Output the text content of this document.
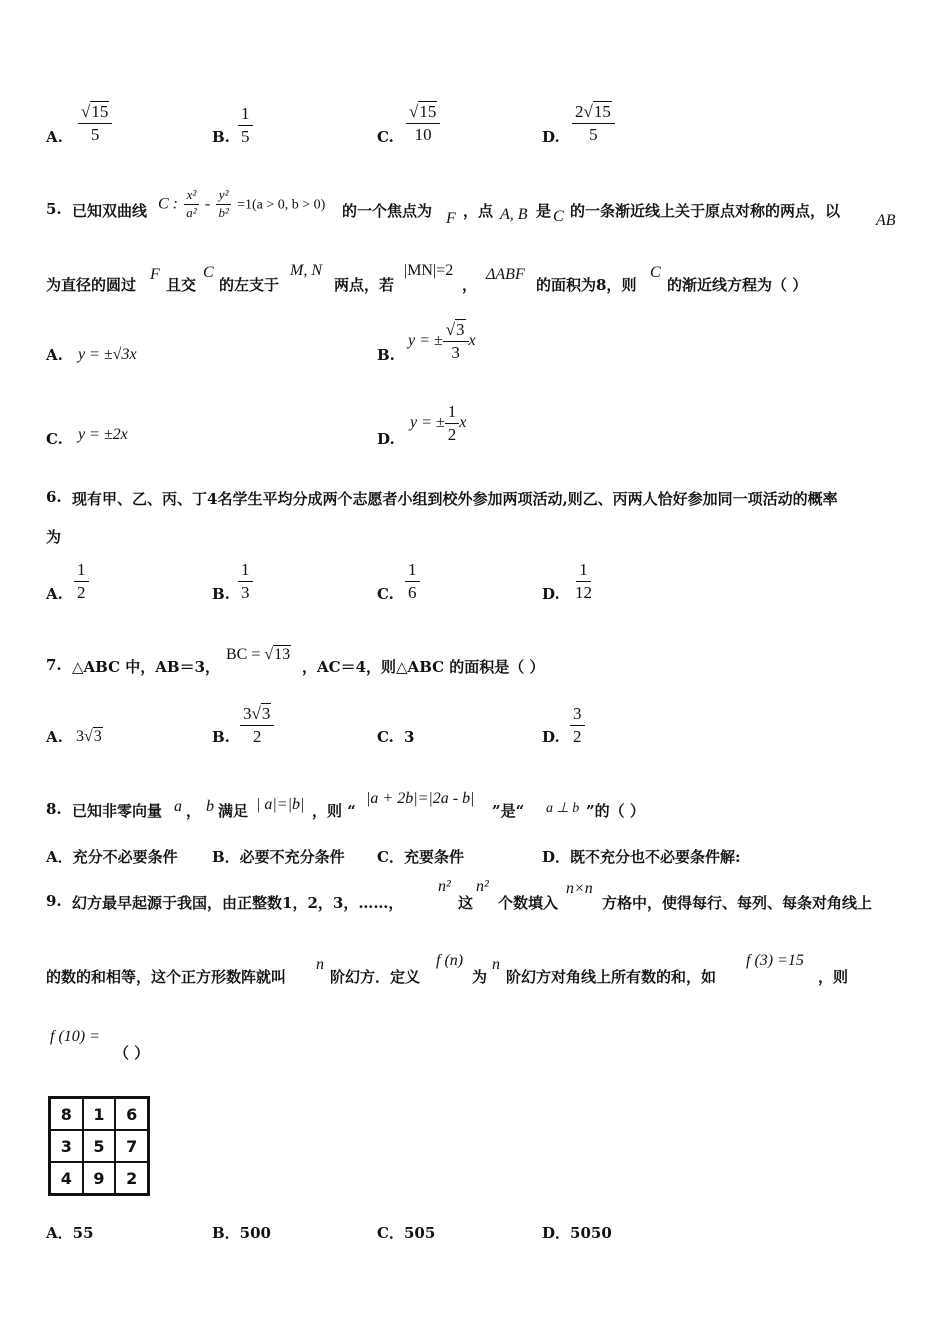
A. $\frac{√15}{5}$	B. $\frac{1}{5}$	C. $\frac{√15}{10}$	D. $\frac{2√15}{5}$
5. 已知双曲线 C : $\frac{\text{x²}}{\text{a²}} - \frac{\text{y²}}{\text{b²}} =1(a > 0$, b > 0) 的一个焦点为 F ，点 A, B 是 C 的一条渐近线上关于原点对称的两点，以
AB
为直径的圆过
F
且交
C
的左支于
M, N
两点，若
|MN|=2
，
ΔABF
的面积为8，则
C
的渐近线方程为（ ）
A. y = ±√3x	B.
y = ± $\frac{√3}{3}$ x
C. y = ±2x	D.
y = ± $\frac{1}{2}$ x
6. 现有甲、乙、丙、丁4名学生平均分成两个志愿者小组到校外参加两项活动,则乙、丙两人恰好参加同一项活动的概率
为
A. $\frac{1}{2}$	B. $\frac{1}{3}$	C. $\frac{1}{6}$	D. $\frac{1}{12}$
7. △ABC 中，AB＝3，
BC = √13
，AC＝4，则△ABC 的面积是（ ）
A. 3√3	B. $\frac{3√3}{2}$	C. 3	D. $\frac{3}{2}$
8. 已知非零向量 a ， b 满足 | a|=|b| ，则 “
|a + 2b|=|2a - b|
”是“ a ⊥ b ”的（ ）
A．充分不必要条件 B．必要不充分条件 C．充要条件	D．既不充分也不必要条件解:
9. 幻方最早起源于我国，由正整数1，2，3，……，
n²
这
n²
个数填入
n×n
方格中，使得每行、每列、每条对角线上
的数的和相等，这个正方形数阵就叫
n
阶幻方．定义
f (n)
为
n
阶幻方对角线上所有数的和，如
f (3) =15
，则
f (10) =
（ ）
8	1	6
3	5	7
4	9	2
A．55	B．500	C．505	D．5050
